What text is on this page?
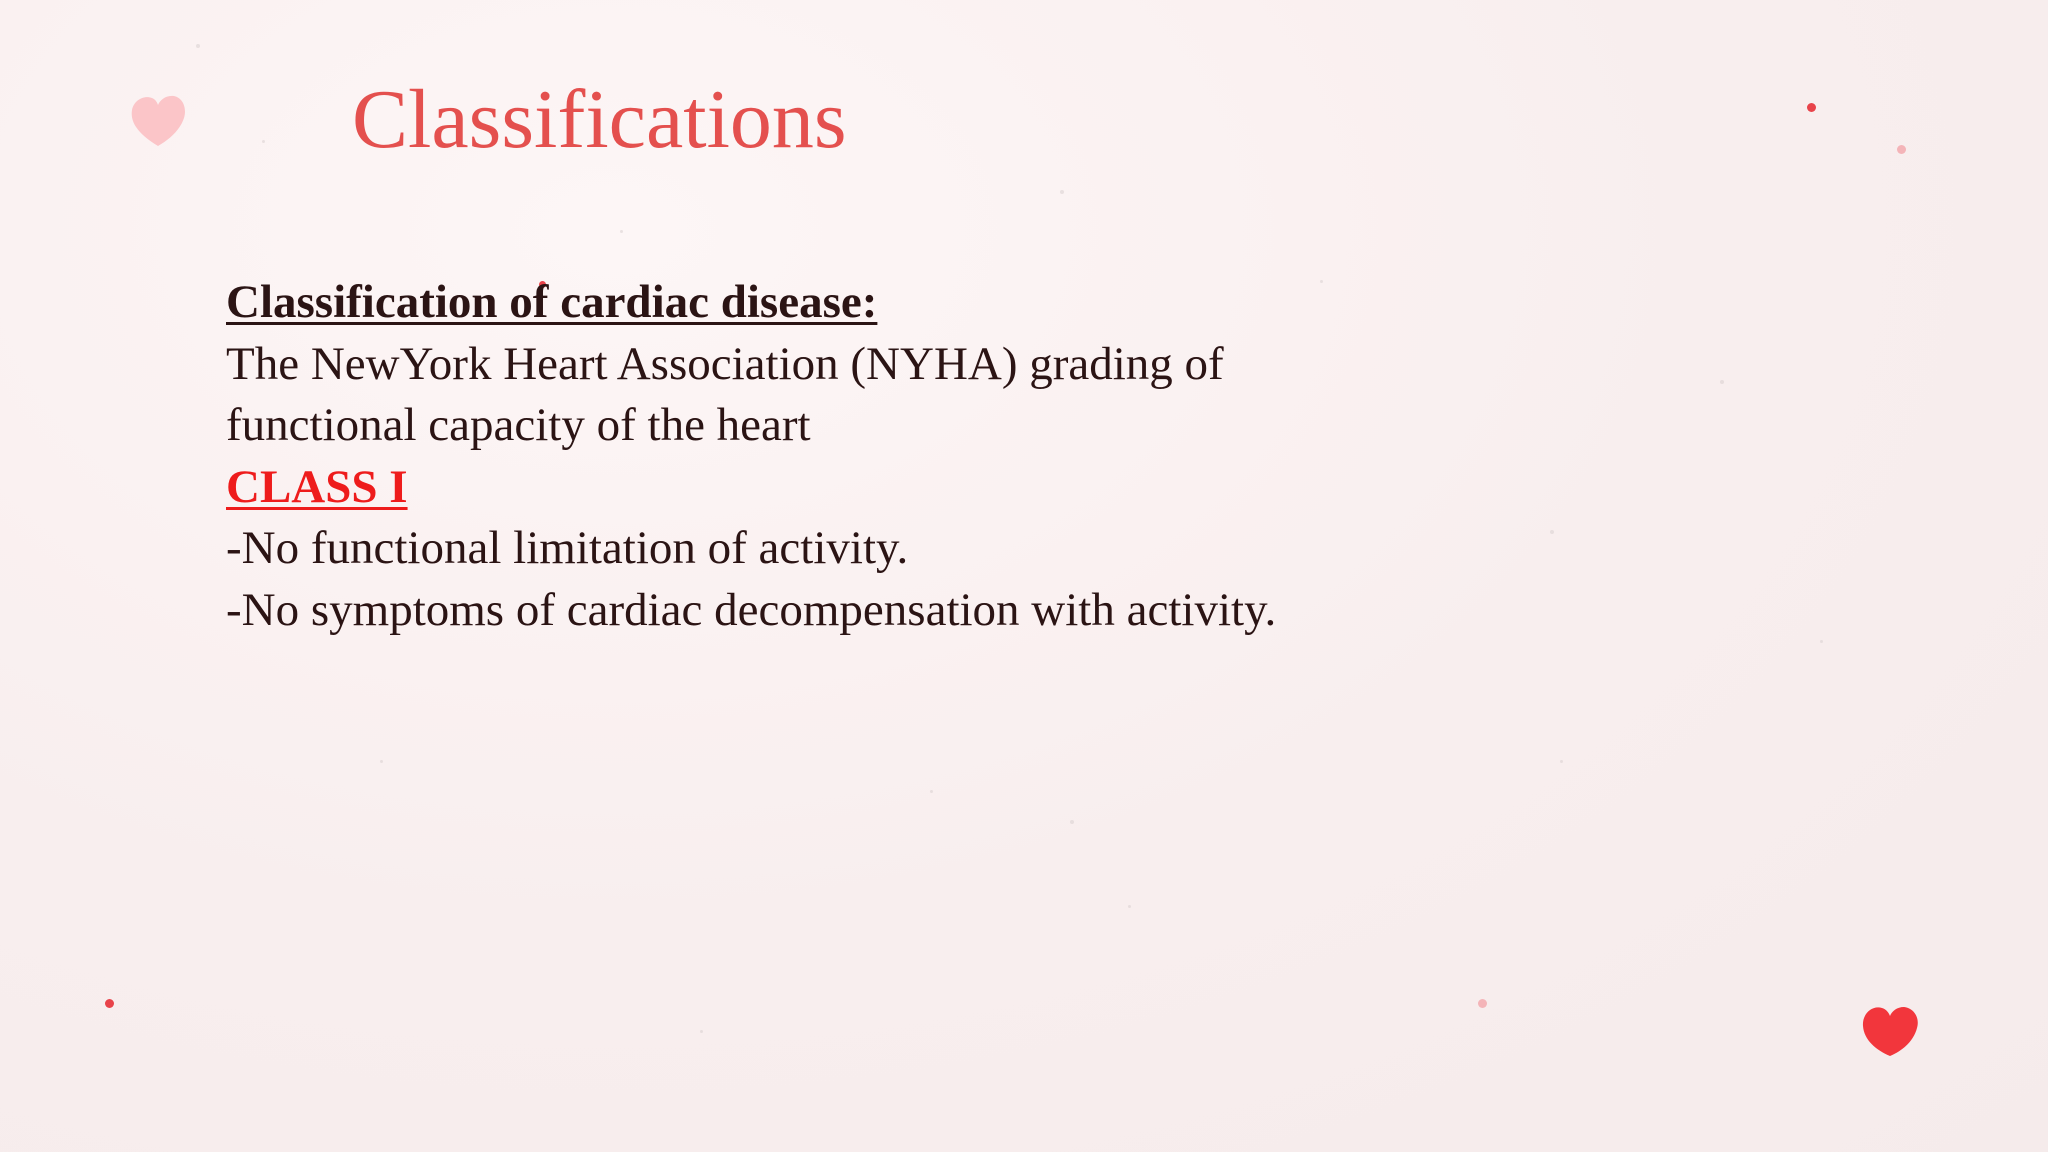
Classifications
Classification of cardiac disease:
The NewYork Heart Association (NYHA) grading of
functional capacity of the heart
CLASS I
-No functional limitation of activity.
-No symptoms of cardiac decompensation with activity.
